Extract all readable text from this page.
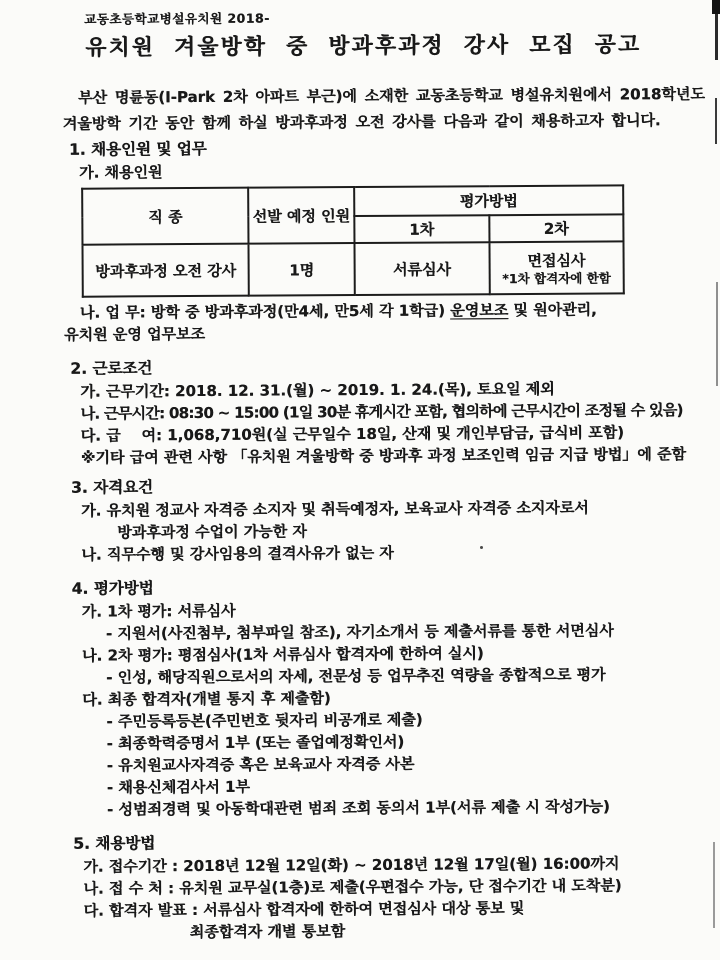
교동초등학교병설유치원 2018-
유치원 겨울방학 중 방과후과정 강사 모집 공고
부산 명륜동(I-Park 2차 아파트 부근)에 소재한 교동초등학교 병설유치원에서 2018학년도
겨울방학 기간 동안 함께 하실 방과후과정 오전 강사를 다음과 같이 채용하고자 합니다.
1. 채용인원 및 업무
가. 채용인원
직 종	선발 예정 인원	평가방법	
		1차	2차
방과후과정 오전 강사	1명	서류심사	면접심사
*1차 합격자에 한함
나. 업 무: 방학 중 방과후과정(만4세, 만5세 각 1학급) 운영보조 및 원아관리,
유치원 운영 업무보조
2. 근로조건
가. 근무기간: 2018. 12. 31.(월) ~ 2019. 1. 24.(목), 토요일 제외
나. 근무시간: 08:30 ~ 15:00 (1일 30분 휴게시간 포함, 협의하에 근무시간이 조정될 수 있음)
다. 급    여: 1,068,710원(실 근무일수 18일, 산재 및 개인부담금, 급식비 포함)
※기타 급여 관련 사항 「유치원 겨울방학 중 방과후 과정 보조인력 임금 지급 방법」에 준함
3. 자격요건
가. 유치원 정교사 자격증 소지자 및 취득예정자, 보육교사 자격증 소지자로서
방과후과정 수업이 가능한 자
나. 직무수행 및 강사임용의 결격사유가 없는 자
4. 평가방법
가. 1차 평가: 서류심사
- 지원서(사진첨부, 첨부파일 참조), 자기소개서 등 제출서류를 통한 서면심사
나. 2차 평가: 평점심사(1차 서류심사 합격자에 한하여 실시)
- 인성, 해당직원으로서의 자세, 전문성 등 업무추진 역량을 종합적으로 평가
다. 최종 합격자(개별 통지 후 제출함)
- 주민등록등본(주민번호 뒷자리 비공개로 제출)
- 최종학력증명서 1부 (또는 졸업예정확인서)
- 유치원교사자격증 혹은 보육교사 자격증 사본
- 채용신체검사서 1부
- 성범죄경력 및 아동학대관련 범죄 조회 동의서 1부(서류 제출 시 작성가능)
5. 채용방법
가. 접수기간 : 2018년 12월 12일(화) ~ 2018년 12월 17일(월) 16:00까지
나. 접 수 처 : 유치원 교무실(1층)로 제출(우편접수 가능, 단 접수기간 내 도착분)
다. 합격자 발표 : 서류심사 합격자에 한하여 면접심사 대상 통보 및
최종합격자 개별 통보함
